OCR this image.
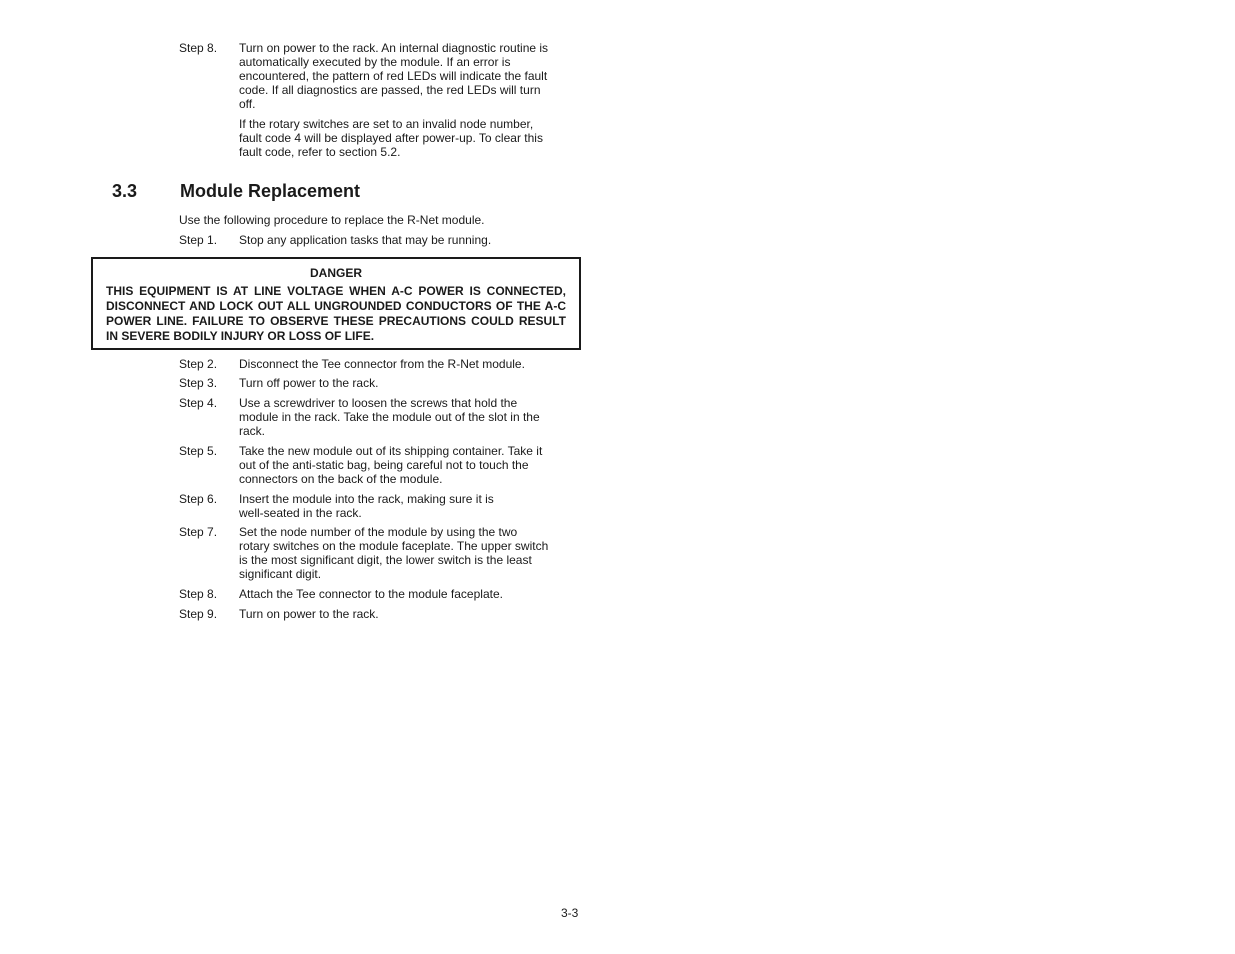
Step 8. Turn on power to the rack. An internal diagnostic routine is
automatically executed by the module. If an error is
encountered, the pattern of red LEDs will indicate the fault
code. If all diagnostics are passed, the red LEDs will turn
off.
If the rotary switches are set to an invalid node number,
fault code 4 will be displayed after power-up. To clear this
fault code, refer to section 5.2.
3.3 Module Replacement
Use the following procedure to replace the R-Net module.
Step 1. Stop any application tasks that may be running.
DANGER
THIS EQUIPMENT IS AT LINE VOLTAGE WHEN A-C POWER IS CONNECTED,
DISCONNECT AND LOCK OUT ALL UNGROUNDED CONDUCTORS OF THE A-C
POWER LINE. FAILURE TO OBSERVE THESE PRECAUTIONS COULD RESULT
IN SEVERE BODILY INJURY OR LOSS OF LIFE.
Step 2. Disconnect the Tee connector from the R-Net module.
Step 3. Turn off power to the rack.
Step 4. Use a screwdriver to loosen the screws that hold the
module in the rack. Take the module out of the slot in the
rack.
Step 5. Take the new module out of its shipping container. Take it
out of the anti-static bag, being careful not to touch the
connectors on the back of the module.
Step 6. Insert the module into the rack, making sure it is
well-seated in the rack.
Step 7. Set the node number of the module by using the two
rotary switches on the module faceplate. The upper switch
is the most significant digit, the lower switch is the least
significant digit.
Step 8. Attach the Tee connector to the module faceplate.
Step 9. Turn on power to the rack.
3-3
